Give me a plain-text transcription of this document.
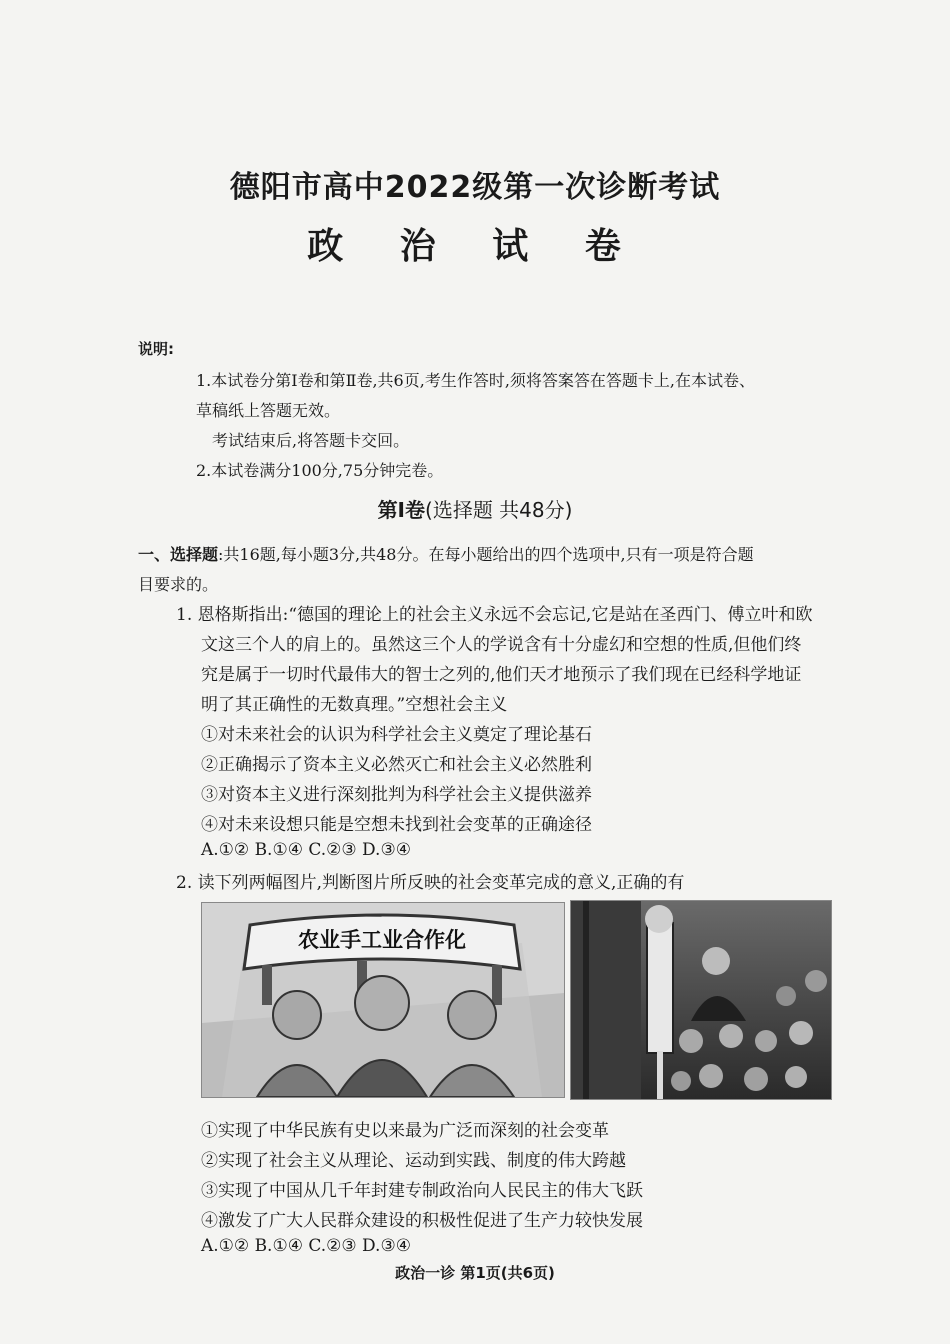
德阳市高中2022级第一次诊断考试
政 治 试 卷
说明:
1.本试卷分第Ⅰ卷和第Ⅱ卷,共6页,考生作答时,须将答案答在答题卡上,在本试卷、
草稿纸上答题无效。
考试结束后,将答题卡交回。
2.本试卷满分100分,75分钟完卷。
第Ⅰ卷(选择题 共48分)
一、选择题:共16题,每小题3分,共48分。在每小题给出的四个选项中,只有一项是符合题
目要求的。
1. 恩格斯指出:“德国的理论上的社会主义永远不会忘记,它是站在圣西门、傅立叶和欧
文这三个人的肩上的。虽然这三个人的学说含有十分虚幻和空想的性质,但他们终
究是属于一切时代最伟大的智士之列的,他们天才地预示了我们现在已经科学地证
明了其正确性的无数真理。”空想社会主义
①对未来社会的认识为科学社会主义奠定了理论基石
②正确揭示了资本主义必然灭亡和社会主义必然胜利
③对资本主义进行深刻批判为科学社会主义提供滋养
④对未来设想只能是空想未找到社会变革的正确途径
A.①② B.①④ C.②③ D.③④
2. 读下列两幅图片,判断图片所反映的社会变革完成的意义,正确的有
农业手工业合作化
①实现了中华民族有史以来最为广泛而深刻的社会变革
②实现了社会主义从理论、运动到实践、制度的伟大跨越
③实现了中国从几千年封建专制政治向人民民主的伟大飞跃
④激发了广大人民群众建设的积极性促进了生产力较快发展
A.①② B.①④ C.②③ D.③④
政治一诊 第1页(共6页)
